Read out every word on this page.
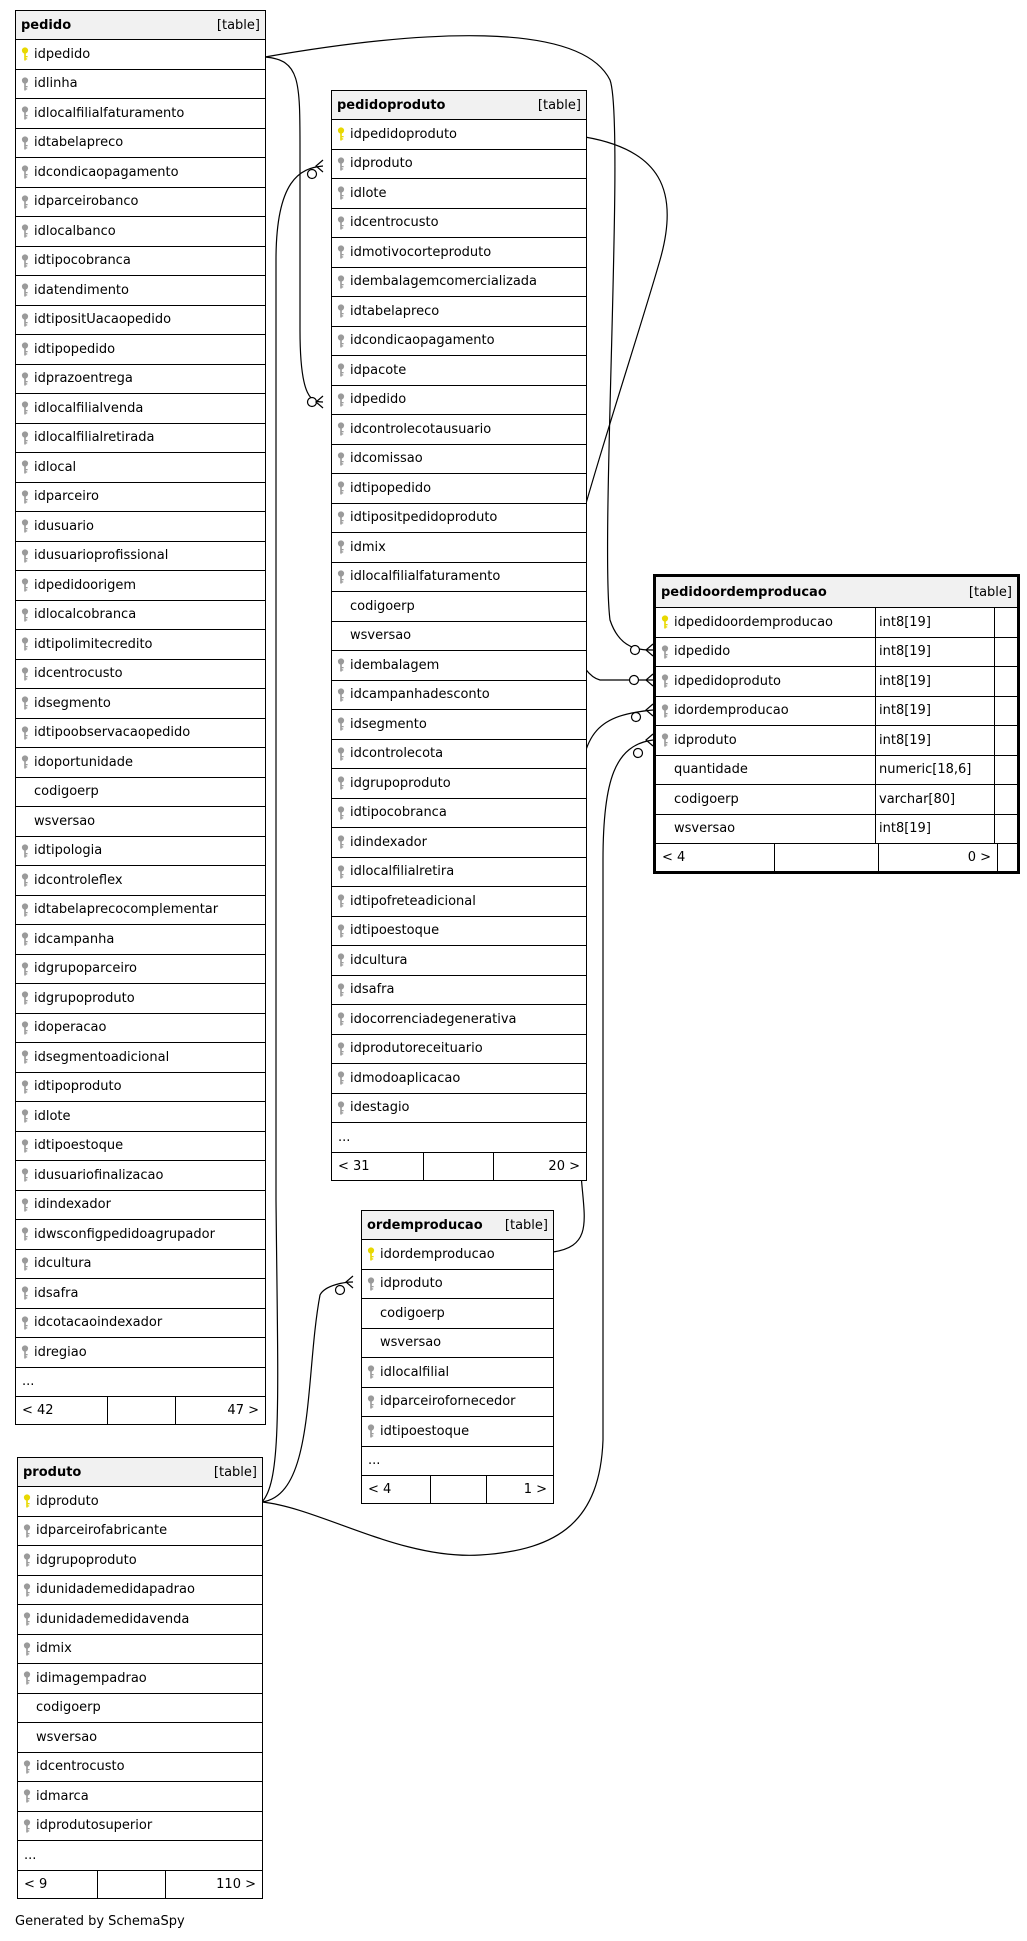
pedido	[table]
idpedido
idlinha
idlocalfilialfaturamento
idtabelapreco
idcondicaopagamento
idparceirobanco
idlocalbanco
idtipocobranca
idatendimento
idtipositUacaopedido
idtipopedido
idprazoentrega
idlocalfilialvenda
idlocalfilialretirada
idlocal
idparceiro
idusuario
idusuarioprofissional
idpedidoorigem
idlocalcobranca
idtipolimitecredito
idcentrocusto
idsegmento
idtipoobservacaopedido
idoportunidade
codigoerp
wsversao
idtipologia
idcontroleflex
idtabelaprecocomplementar
idcampanha
idgrupoparceiro
idgrupoproduto
idoperacao
idsegmentoadicional
idtipoproduto
idlote
idtipoestoque
idusuariofinalizacao
idindexador
idwsconfigpedidoagrupador
idcultura
idsafra
idcotacaoindexador
idregiao
...
< 42	47 >
pedidoproduto	[table]
idpedidoproduto
idproduto
idlote
idcentrocusto
idmotivocorteproduto
idembalagemcomercializada
idtabelapreco
idcondicaopagamento
idpacote
idpedido
idcontrolecotausuario
idcomissao
idtipopedido
idtipositpedidoproduto
idmix
idlocalfilialfaturamento
codigoerp
wsversao
idembalagem
idcampanhadesconto
idsegmento
idcontrolecota
idgrupoproduto
idtipocobranca
idindexador
idlocalfilialretira
idtipofreteadicional
idtipoestoque
idcultura
idsafra
idocorrenciadegenerativa
idprodutoreceituario
idmodoaplicacao
idestagio
...
< 31	20 >
pedidoordemproducao	[table]
idpedidoordemproducao	int8[19]
idpedido	int8[19]
idpedidoproduto	int8[19]
idordemproducao	int8[19]
idproduto	int8[19]
quantidade	numeric[18,6]
codigoerp	varchar[80]
wsversao	int8[19]
< 4	0 >
ordemproducao	[table]
idordemproducao
idproduto
codigoerp
wsversao
idlocalfilial
idparceirofornecedor
idtipoestoque
...
< 4	1 >
produto	[table]
idproduto
idparceirofabricante
idgrupoproduto
idunidademedidapadrao
idunidademedidavenda
idmix
idimagempadrao
codigoerp
wsversao
idcentrocusto
idmarca
idprodutosuperior
...
< 9	110 >
Generated by SchemaSpy
